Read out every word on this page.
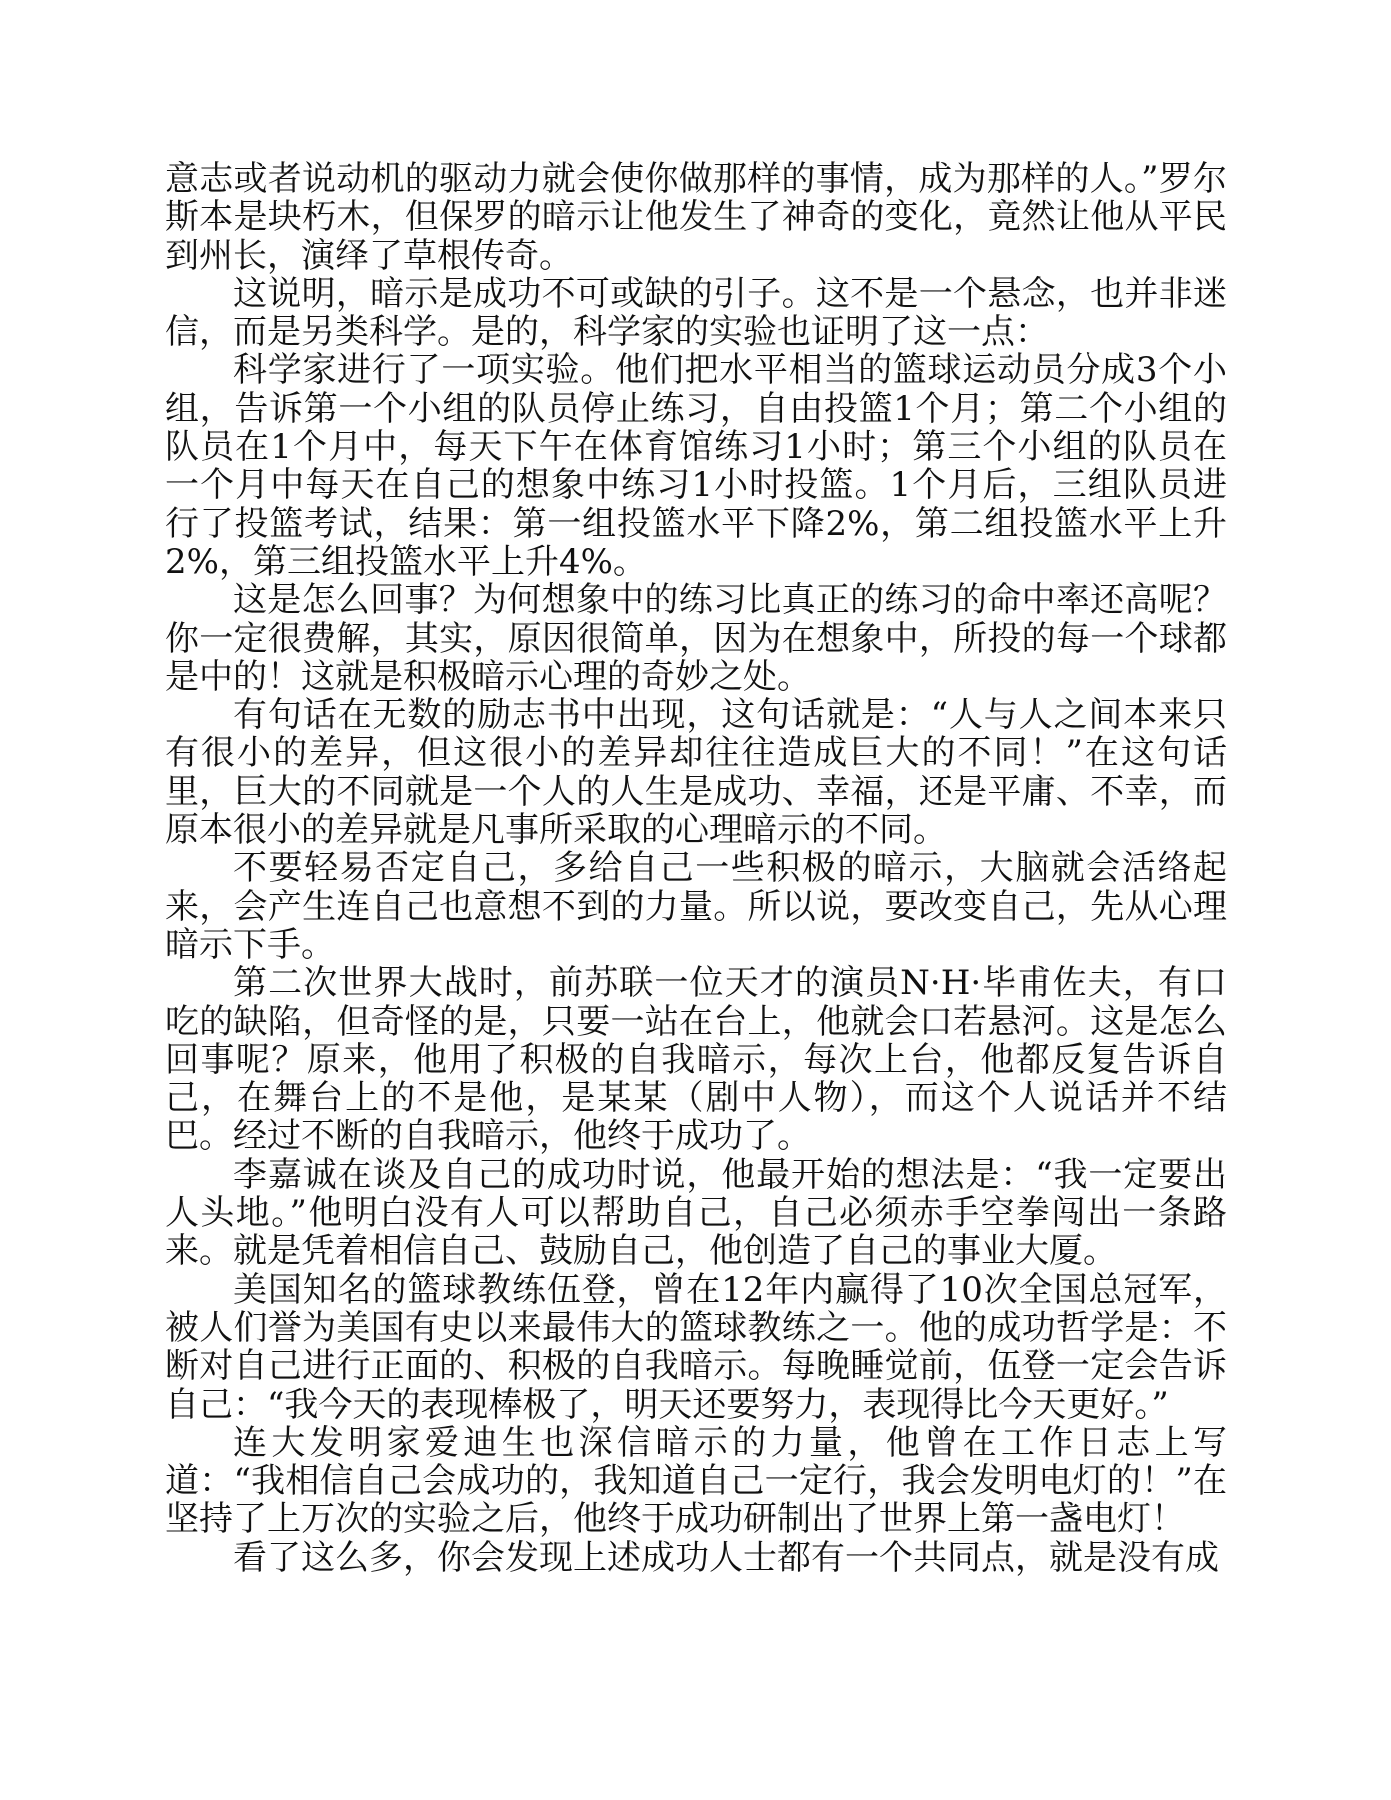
意志或者说动机的驱动力就会使你做那样的事情，成为那样的人。”罗尔斯本是块朽木，但保罗的暗示让他发生了神奇的变化，竟然让他从平民到州长，演绎了草根传奇。

这说明，暗示是成功不可或缺的引子。这不是一个悬念，也并非迷信，而是另类科学。是的，科学家的实验也证明了这一点：

科学家进行了一项实验。他们把水平相当的篮球运动员分成3个小组，告诉第一个小组的队员停止练习，自由投篮1个月；第二个小组的队员在1个月中，每天下午在体育馆练习1小时；第三个小组的队员在一个月中每天在自己的想象中练习1小时投篮。1个月后，三组队员进行了投篮考试，结果：第一组投篮水平下降2%，第二组投篮水平上升2%，第三组投篮水平上升4%。

这是怎么回事？为何想象中的练习比真正的练习的命中率还高呢？你一定很费解，其实，原因很简单，因为在想象中，所投的每一个球都是中的！这就是积极暗示心理的奇妙之处。

有句话在无数的励志书中出现，这句话就是：“人与人之间本来只有很小的差异，但这很小的差异却往往造成巨大的不同！”在这句话里，巨大的不同就是一个人的人生是成功、幸福，还是平庸、不幸，而原本很小的差异就是凡事所采取的心理暗示的不同。

不要轻易否定自己，多给自己一些积极的暗示，大脑就会活络起来，会产生连自己也意想不到的力量。所以说，要改变自己，先从心理暗示下手。

第二次世界大战时，前苏联一位天才的演员N·H·毕甫佐夫，有口吃的缺陷，但奇怪的是，只要一站在台上，他就会口若悬河。这是怎么回事呢？原来，他用了积极的自我暗示，每次上台，他都反复告诉自己，在舞台上的不是他，是某某（剧中人物），而这个人说话并不结巴。经过不断的自我暗示，他终于成功了。

李嘉诚在谈及自己的成功时说，他最开始的想法是：“我一定要出人头地。”他明白没有人可以帮助自己，自己必须赤手空拳闯出一条路来。就是凭着相信自己、鼓励自己，他创造了自己的事业大厦。

美国知名的篮球教练伍登，曾在12年内赢得了10次全国总冠军，被人们誉为美国有史以来最伟大的篮球教练之一。他的成功哲学是：不断对自己进行正面的、积极的自我暗示。每晚睡觉前，伍登一定会告诉自己：“我今天的表现棒极了，明天还要努力，表现得比今天更好。”

连大发明家爱迪生也深信暗示的力量，他曾在工作日志上写道：“我相信自己会成功的，我知道自己一定行，我会发明电灯的！”在坚持了上万次的实验之后，他终于成功研制出了世界上第一盏电灯！

看了这么多，你会发现上述成功人士都有一个共同点，就是没有成
